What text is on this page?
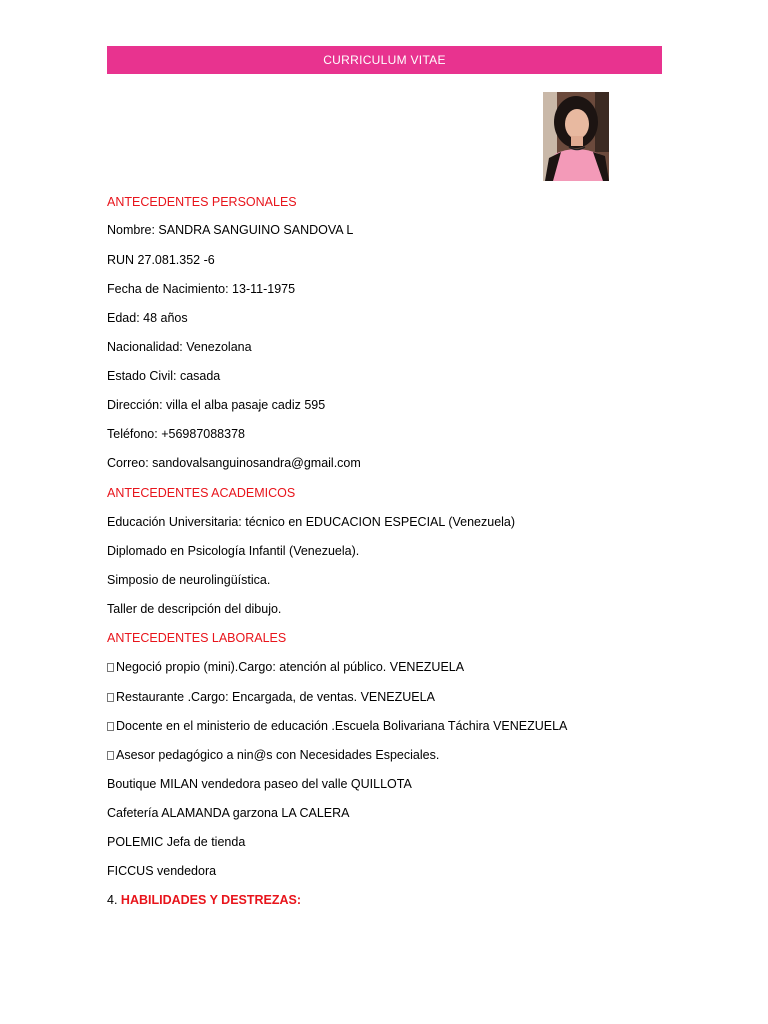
CURRICULUM VITAE
ANTECEDENTES PERSONALES
Nombre: SANDRA SANGUINO SANDOVA L
RUN 27.081.352 -6
Fecha de Nacimiento: 13-11-1975
Edad: 48 años
Nacionalidad: Venezolana
Estado Civil: casada
Dirección: villa el alba pasaje cadiz 595
Teléfono: +56987088378
Correo: sandovalsanguinosandra@gmail.com
ANTECEDENTES ACADEMICOS
Educación Universitaria: técnico en EDUCACION ESPECIAL (Venezuela)
Diplomado en Psicología Infantil (Venezuela).
Simposio de neurolingüística.
Taller de descripción del dibujo.
ANTECEDENTES LABORALES
Negoció propio (mini).Cargo: atención al público. VENEZUELA
Restaurante .Cargo: Encargada, de ventas. VENEZUELA
Docente en el ministerio de educación .Escuela Bolivariana Táchira VENEZUELA
Asesor pedagógico a nin@s con Necesidades Especiales.
Boutique MILAN vendedora paseo del valle QUILLOTA
Cafetería ALAMANDA garzona LA CALERA
POLEMIC Jefa de tienda
FICCUS vendedora
4. HABILIDADES Y DESTREZAS:
